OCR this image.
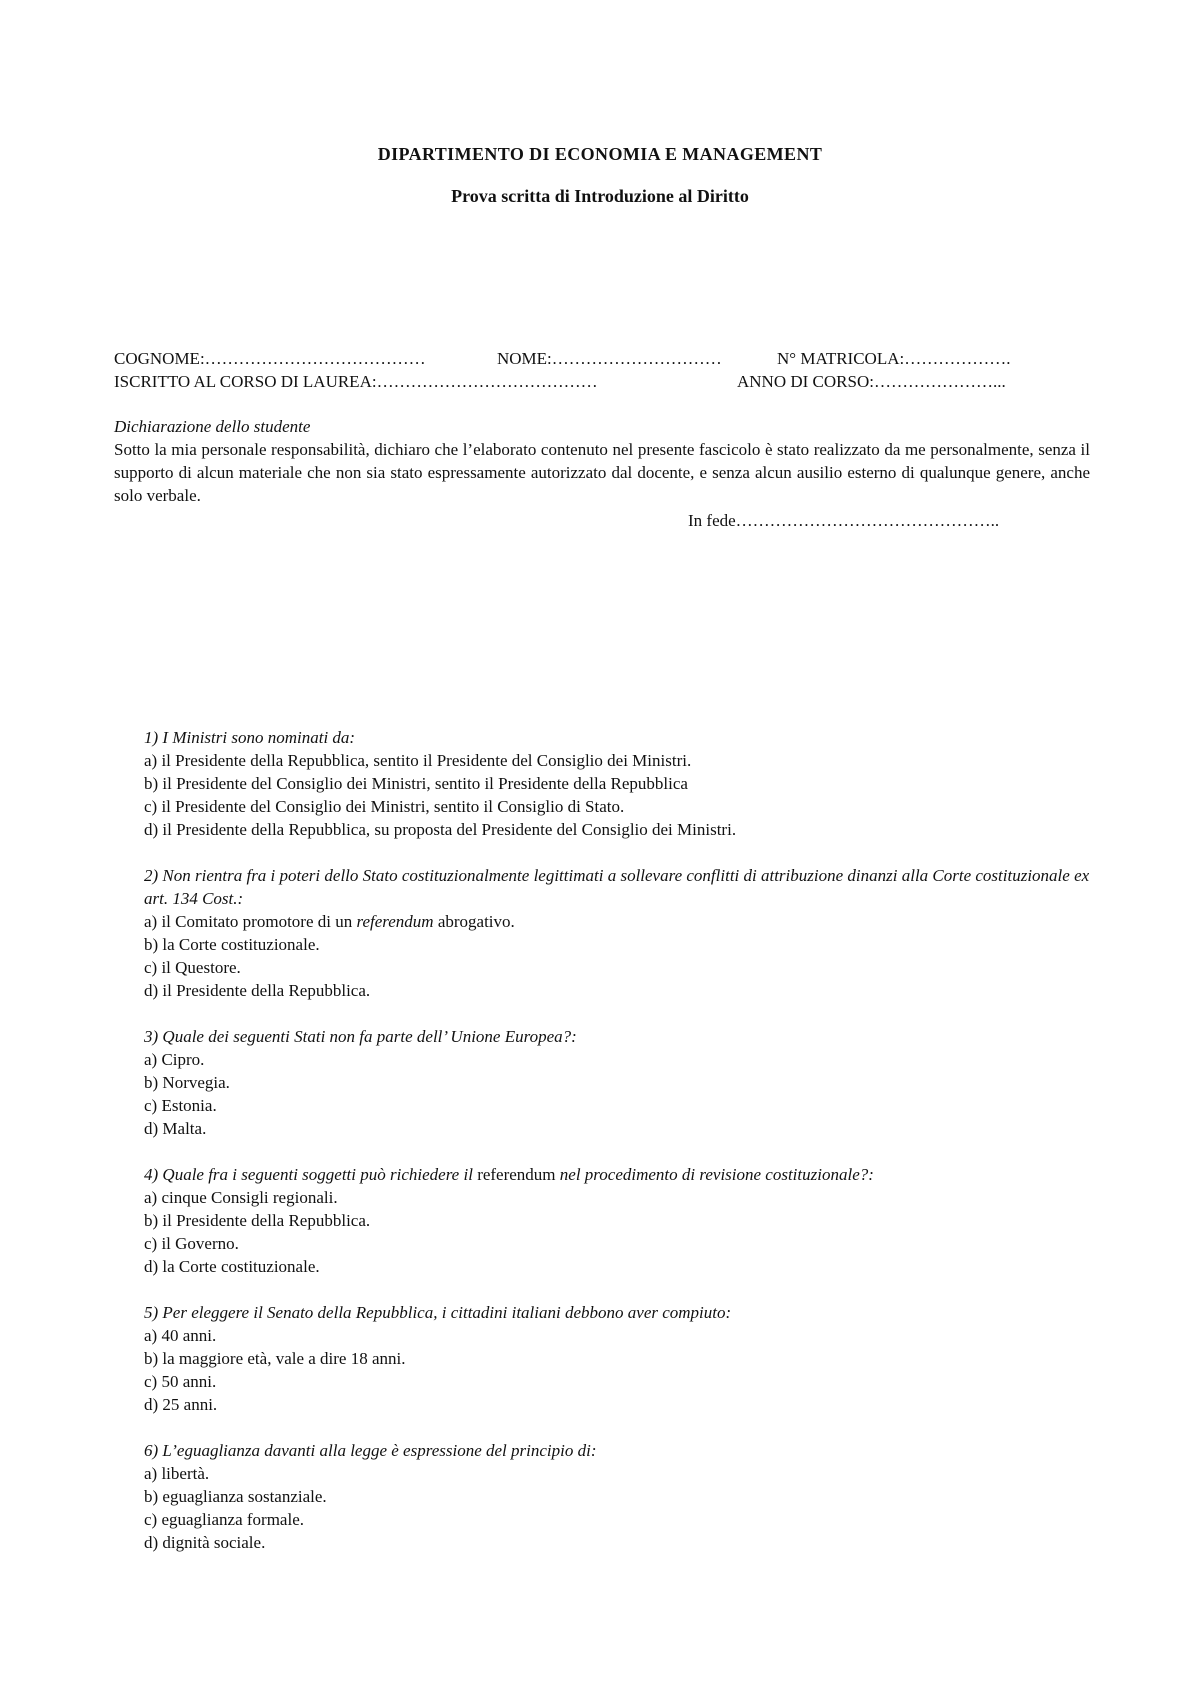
DIPARTIMENTO DI ECONOMIA E MANAGEMENT
Prova scritta di Introduzione al Diritto
COGNOME:…………………………………	NOME:…………………………	N° MATRICOLA:……………….
ISCRITTO AL CORSO DI LAUREA:…………………………………	ANNO DI CORSO:…………………...
Dichiarazione dello studente
Sotto la mia personale responsabilità, dichiaro che l’elaborato contenuto nel presente fascicolo è stato realizzato da me personalmente, senza il supporto di alcun materiale che non sia stato espressamente autorizzato dal docente, e senza alcun ausilio esterno di qualunque genere, anche solo verbale.
In fede………………………………………..
1) I Ministri sono nominati da:
a) il Presidente della Repubblica, sentito il Presidente del Consiglio dei Ministri.
b) il Presidente del Consiglio dei Ministri, sentito il Presidente della Repubblica
c) il Presidente del Consiglio dei Ministri, sentito il Consiglio di Stato.
d) il Presidente della Repubblica, su proposta del Presidente del Consiglio dei Ministri.
2) Non rientra fra i poteri dello Stato costituzionalmente legittimati a sollevare conflitti di attribuzione dinanzi alla Corte costituzionale ex art. 134 Cost.:
a) il Comitato promotore di un referendum abrogativo.
b) la Corte costituzionale.
c) il Questore.
d) il Presidente della Repubblica.
3) Quale dei seguenti Stati non fa parte dell’ Unione Europea?:
a) Cipro.
b) Norvegia.
c) Estonia.
d) Malta.
4) Quale fra i seguenti soggetti può richiedere il referendum nel procedimento di revisione costituzionale?:
a) cinque Consigli regionali.
b) il Presidente della Repubblica.
c) il Governo.
d) la Corte costituzionale.
5) Per eleggere il Senato della Repubblica, i cittadini italiani debbono aver compiuto:
a) 40 anni.
b) la maggiore età, vale a dire 18 anni.
c) 50 anni.
d) 25 anni.
6) L’eguaglianza davanti alla legge è espressione del principio di:
a) libertà.
b) eguaglianza sostanziale.
c) eguaglianza formale.
d) dignità sociale.
